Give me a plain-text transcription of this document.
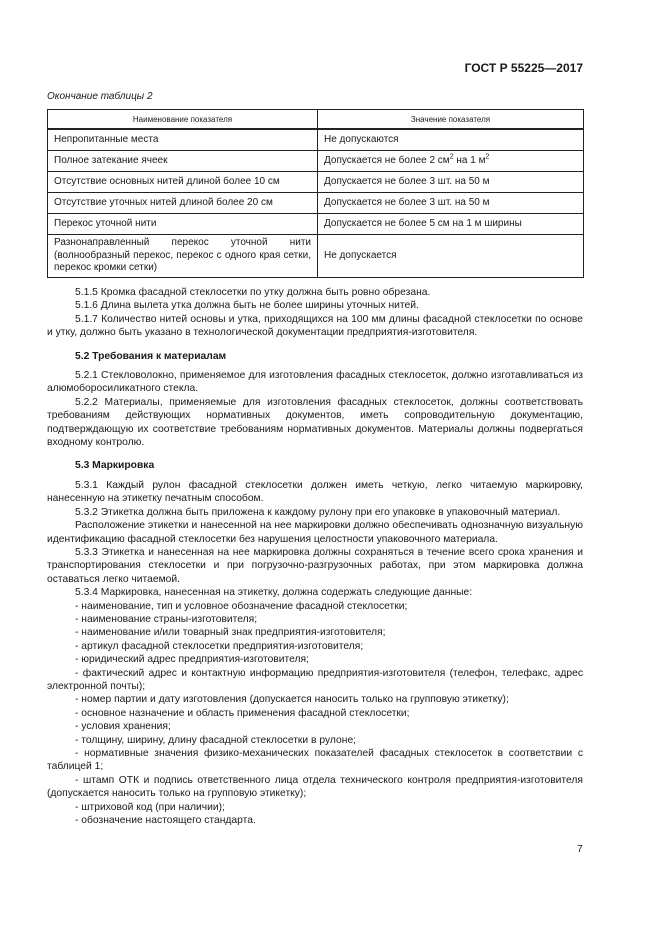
ГОСТ Р 55225—2017
Окончание таблицы 2
Наименование показателя	Значение показателя
Непропитанные места	Не допускаются
Полное затекание ячеек	Допускается не более 2 $см^2$ на 1 $м^2$
Отсутствие основных нитей длиной более 10 см	Допускается не более 3 шт. на 50 м
Отсутствие уточных нитей длиной более 20 см	Допускается не более 3 шт. на 50 м
Перекос уточной нити	Допускается не более 5 см на 1 м ширины
Разнонаправленный перекос уточной нити (волнообразный перекос, перекос с одного края сетки, перекос кромки сетки)	Не допускается

5.1.5 Кромка фасадной стеклосетки по утку должна быть ровно обрезана.

5.1.6 Длина вылета утка должна быть не более ширины уточных нитей.

5.1.7 Количество нитей основы и утка, приходящихся на 100 мм длины фасадной стеклосетки по основе и утку, должно быть указано в технологической документации предприятия-изготовителя.

5.2 Требования к материалам

5.2.1 Стекловолокно, применяемое для изготовления фасадных стеклосеток, должно изготавливаться из алюмоборосиликатного стекла.

5.2.2 Материалы, применяемые для изготовления фасадных стеклосеток, должны соответствовать требованиям действующих нормативных документов, иметь сопроводительную документацию, подтверждающую их соответствие требованиям нормативных документов. Материалы должны подвергаться входному контролю.

5.3 Маркировка

5.3.1 Каждый рулон фасадной стеклосетки должен иметь четкую, легко читаемую маркировку, нанесенную на этикетку печатным способом.

5.3.2 Этикетка должна быть приложена к каждому рулону при его упаковке в упаковочный материал.

Расположение этикетки и нанесенной на нее маркировки должно обеспечивать однозначную визуальную идентификацию фасадной стеклосетки без нарушения целостности упаковочного материала.

5.3.3 Этикетка и нанесенная на нее маркировка должны сохраняться в течение всего срока хранения и транспортирования стеклосетки и при погрузочно-разгрузочных работах, при этом маркировка должна оставаться легко читаемой.

5.3.4 Маркировка, нанесенная на этикетку, должна содержать следующие данные:

- наименование, тип и условное обозначение фасадной стеклосетки;

- наименование страны-изготовителя;

- наименование и/или товарный знак предприятия-изготовителя;

- артикул фасадной стеклосетки предприятия-изготовителя;

- юридический адрес предприятия-изготовителя;

- фактический адрес и контактную информацию предприятия-изготовителя (телефон, телефакс, адрес электронной почты);

- номер партии и дату изготовления (допускается наносить только на групповую этикетку);

- основное назначение и область применения фасадной стеклосетки;

- условия хранения;

- толщину, ширину, длину фасадной стеклосетки в рулоне;

- нормативные значения физико-механических показателей фасадных стеклосеток в соответствии с таблицей 1;

- штамп ОТК и подпись ответственного лица отдела технического контроля предприятия-изготовителя (допускается наносить только на групповую этикетку);

- штриховой код (при наличии);

- обозначение настоящего стандарта.

7
